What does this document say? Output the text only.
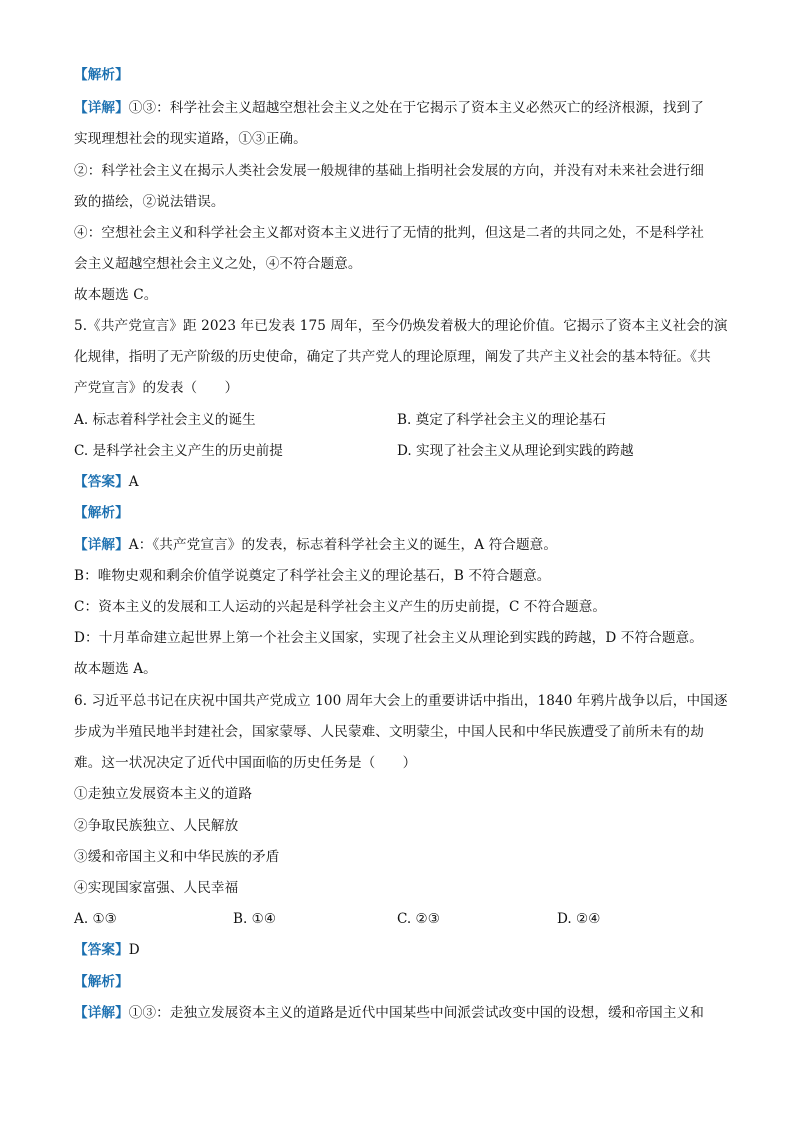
【解析】
【详解】①③：科学社会主义超越空想社会主义之处在于它揭示了资本主义必然灭亡的经济根源，找到了
实现理想社会的现实道路，①③正确。
②：科学社会主义在揭示人类社会发展一般规律的基础上指明社会发展的方向，并没有对未来社会进行细
致的描绘，②说法错误。
④：空想社会主义和科学社会主义都对资本主义进行了无情的批判，但这是二者的共同之处，不是科学社
会主义超越空想社会主义之处，④不符合题意。
故本题选 C。
5.《共产党宣言》距 2023 年已发表 175 周年，至今仍焕发着极大的理论价值。它揭示了资本主义社会的演
化规律，指明了无产阶级的历史使命，确定了共产党人的理论原理，阐发了共产主义社会的基本特征。《共
产党宣言》的发表（　　）
A. 标志着科学社会主义的诞生	B. 奠定了科学社会主义的理论基石
C. 是科学社会主义产生的历史前提	D. 实现了社会主义从理论到实践的跨越
【答案】A
【解析】
【详解】A：《共产党宣言》的发表，标志着科学社会主义的诞生，A 符合题意。
B：唯物史观和剩余价值学说奠定了科学社会主义的理论基石，B 不符合题意。
C：资本主义的发展和工人运动的兴起是科学社会主义产生的历史前提，C 不符合题意。
D：十月革命建立起世界上第一个社会主义国家，实现了社会主义从理论到实践的跨越，D 不符合题意。
故本题选 A。
6. 习近平总书记在庆祝中国共产党成立 100 周年大会上的重要讲话中指出，1840 年鸦片战争以后，中国逐
步成为半殖民地半封建社会，国家蒙辱、人民蒙难、文明蒙尘，中国人民和中华民族遭受了前所未有的劫
难。这一状况决定了近代中国面临的历史任务是（　　）
①走独立发展资本主义的道路
②争取民族独立、人民解放
③缓和帝国主义和中华民族的矛盾
④实现国家富强、人民幸福
A. ①③	B. ①④	C. ②③	D. ②④
【答案】D
【解析】
【详解】①③：走独立发展资本主义的道路是近代中国某些中间派尝试改变中国的设想，缓和帝国主义和
